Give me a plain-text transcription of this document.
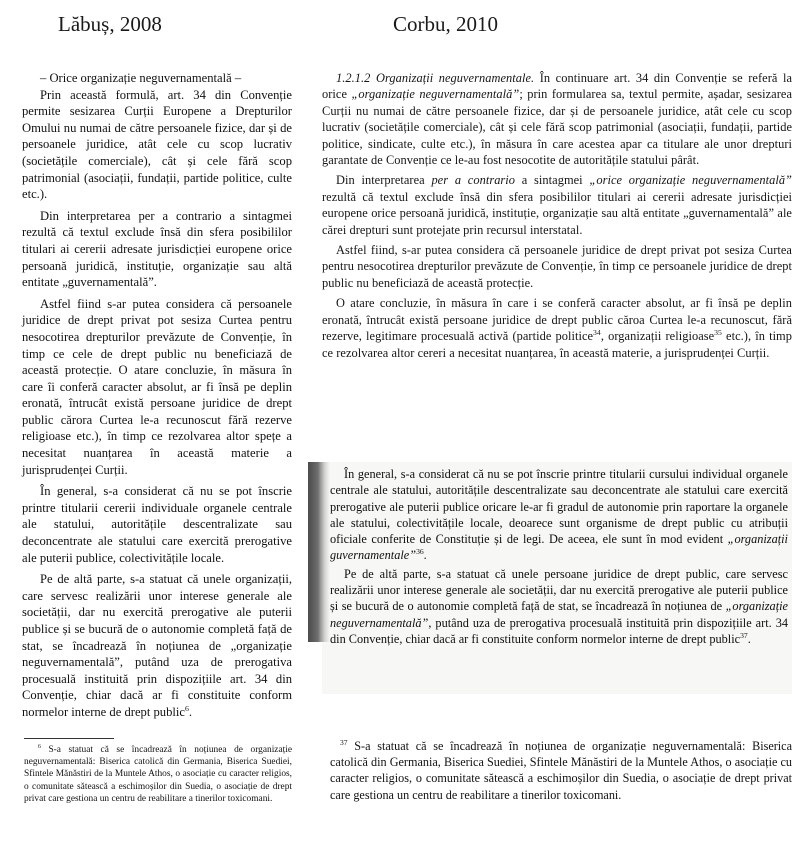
Lăbuș, 2008	Corbu, 2010

– Orice organizație neguvernamentală –

Prin această formulă, art. 34 din Convenție permite sesizarea Curții Europene a Drepturilor Omului nu numai de către persoanele fizice, dar și de persoanele juridice, atât cele cu scop lucrativ (societățile comerciale), cât și cele fără scop patrimonial (asociații, fundații, partide politice, culte etc.).

Din interpretarea per a contrario a sintagmei rezultă că textul exclude însă din sfera posibililor titulari ai cererii adresate jurisdicției europene orice persoană juridică, instituție, organizație sau altă entitate „guvernamentală”.

Astfel fiind s-ar putea considera că persoanele juridice de drept privat pot sesiza Curtea pentru nesocotirea drepturilor prevăzute de Convenție, în timp ce cele de drept public nu beneficiază de această protecție. O atare concluzie, în măsura în care îi conferă caracter absolut, ar fi însă pe deplin eronată, întrucât există persoane juridice de drept public cărora Curtea le-a recunoscut fără rezerve religioase etc.), în timp ce rezolvarea altor spețe a necesitat nuanțarea în această materie a jurisprudenței Curții.

În general, s-a considerat că nu se pot înscrie printre titularii cererii individuale organele centrale ale statului, autoritățile descentralizate sau deconcentrate ale statului care exercită prerogative ale puterii publice, colectivitățile locale.

Pe de altă parte, s-a statuat că unele organizații, care servesc realizării unor interese generale ale societății, dar nu exercită prerogative ale puterii publice și se bucură de o autonomie completă față de stat, se încadrează în noțiunea de „organizație neguvernamentală”, putând uza de prerogativa procesuală instituită prin dispozițiile art. 34 din Convenție, chiar dacă ar fi constituite conform normelor interne de drept public$^6$.

$^6$ S-a statuat că se încadrează în noțiunea de organizație neguvernamentală: Biserica catolică din Germania, Biserica Suediei, Sfintele Mănăstiri de la Muntele Athos, o asociație cu caracter religios, o comunitate sătească a eschimoșilor din Suedia, o asociație de drept privat care gestiona un centru de reabilitare a tinerilor toxicomani.

1.2.1.2 Organizații neguvernamentale. În continuare art. 34 din Convenție se referă la orice „organizație neguvernamentală”; prin formularea sa, textul permite, așadar, sesizarea Curții nu numai de către persoanele fizice, dar și de persoanele juridice, atât cele cu scop lucrativ (societățile comerciale), cât și cele fără scop patrimonial (asociații, fundații, partide politice, sindicate, culte etc.), în măsura în care acestea apar ca titulare ale unor drepturi garantate de Convenție ce le-au fost nesocotite de autoritățile statului pârât.

Din interpretarea per a contrario a sintagmei „orice organizație neguvernamentală” rezultă că textul exclude însă din sfera posibililor titulari ai cererii adresate jurisdicției europene orice persoană juridică, instituție, organizație sau altă entitate „guvernamentală” ale cărei drepturi sunt protejate prin recursul interstatal.

Astfel fiind, s-ar putea considera că persoanele juridice de drept privat pot sesiza Curtea pentru nesocotirea drepturilor prevăzute de Convenție, în timp ce persoanele juridice de drept public nu beneficiază de această protecție.

O atare concluzie, în măsura în care i se conferă caracter absolut, ar fi însă pe deplin eronată, întrucât există persoane juridice de drept public căroa Curtea le-a recunoscut, fără rezerve, legitimare procesuală activă (partide politice$^{34}$, organizații religioase$^{35}$ etc.), în timp ce rezolvarea altor cereri a necesitat nuanțarea, în această materie, a jurisprudenței Curții.

În general, s-a considerat că nu se pot înscrie printre titularii cursului individual organele centrale ale statului, autoritățile descentralizate sau deconcentrate ale statului care exercită prerogative ale puterii publice oricare le-ar fi gradul de autonomie prin raportare la organele ale statului, colectivitățile locale, deoarece sunt organisme de drept public cu atribuții oficiale conferite de Constituție și de legi. De aceea, ele sunt în mod evident „organizații guvernamentale”$^{36}$.

Pe de altă parte, s-a statuat că unele persoane juridice de drept public, care servesc realizării unor interese generale ale societății, dar nu exercită prerogative ale puterii publice și se bucură de o autonomie completă față de stat, se încadrează în noțiunea de „organizație neguvernamentală”, putând uza de prerogativa procesuală instituită prin dispozițiile art. 34 din Convenție, chiar dacă ar fi constituite conform normelor interne de drept public$^{37}$.

$^{37}$ S-a statuat că se încadrează în noțiunea de organizație neguvernamentală: Biserica catolică din Germania, Biserica Suediei, Sfintele Mănăstiri de la Muntele Athos, o asociație cu caracter religios, o comunitate sătească a eschimoșilor din Suedia, o asociație de drept privat care gestiona un centru de reabilitare a tinerilor toxicomani.
